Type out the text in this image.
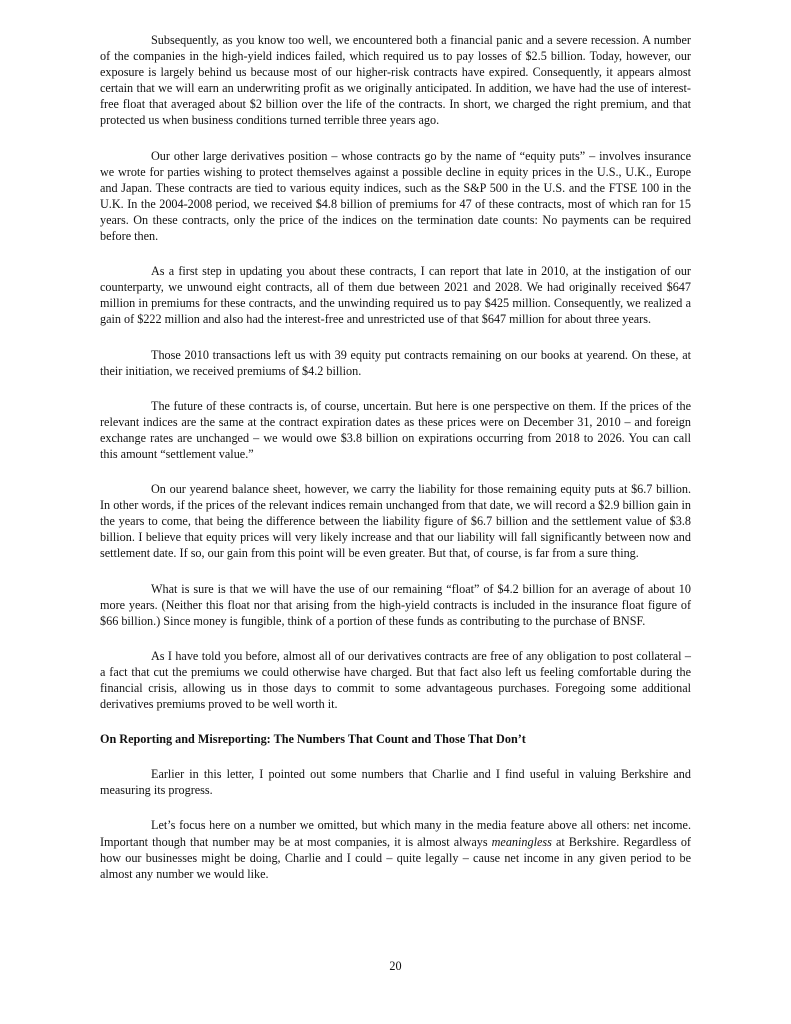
Subsequently, as you know too well, we encountered both a financial panic and a severe recession. A number of the companies in the high-yield indices failed, which required us to pay losses of $2.5 billion. Today, however, our exposure is largely behind us because most of our higher-risk contracts have expired. Consequently, it appears almost certain that we will earn an underwriting profit as we originally anticipated. In addition, we have had the use of interest-free float that averaged about $2 billion over the life of the contracts. In short, we charged the right premium, and that protected us when business conditions turned terrible three years ago.

Our other large derivatives position – whose contracts go by the name of “equity puts” – involves insurance we wrote for parties wishing to protect themselves against a possible decline in equity prices in the U.S., U.K., Europe and Japan. These contracts are tied to various equity indices, such as the S&P 500 in the U.S. and the FTSE 100 in the U.K. In the 2004-2008 period, we received $4.8 billion of premiums for 47 of these contracts, most of which ran for 15 years. On these contracts, only the price of the indices on the termination date counts: No payments can be required before then.

As a first step in updating you about these contracts, I can report that late in 2010, at the instigation of our counterparty, we unwound eight contracts, all of them due between 2021 and 2028. We had originally received $647 million in premiums for these contracts, and the unwinding required us to pay $425 million. Consequently, we realized a gain of $222 million and also had the interest-free and unrestricted use of that $647 million for about three years.

Those 2010 transactions left us with 39 equity put contracts remaining on our books at yearend. On these, at their initiation, we received premiums of $4.2 billion.

The future of these contracts is, of course, uncertain. But here is one perspective on them. If the prices of the relevant indices are the same at the contract expiration dates as these prices were on December 31, 2010 – and foreign exchange rates are unchanged – we would owe $3.8 billion on expirations occurring from 2018 to 2026. You can call this amount “settlement value.”

On our yearend balance sheet, however, we carry the liability for those remaining equity puts at $6.7 billion. In other words, if the prices of the relevant indices remain unchanged from that date, we will record a $2.9 billion gain in the years to come, that being the difference between the liability figure of $6.7 billion and the settlement value of $3.8 billion. I believe that equity prices will very likely increase and that our liability will fall significantly between now and settlement date. If so, our gain from this point will be even greater. But that, of course, is far from a sure thing.

What is sure is that we will have the use of our remaining “float” of $4.2 billion for an average of about 10 more years. (Neither this float nor that arising from the high-yield contracts is included in the insurance float figure of $66 billion.) Since money is fungible, think of a portion of these funds as contributing to the purchase of BNSF.

As I have told you before, almost all of our derivatives contracts are free of any obligation to post collateral – a fact that cut the premiums we could otherwise have charged. But that fact also left us feeling comfortable during the financial crisis, allowing us in those days to commit to some advantageous purchases. Foregoing some additional derivatives premiums proved to be well worth it.

On Reporting and Misreporting: The Numbers That Count and Those That Don’t

Earlier in this letter, I pointed out some numbers that Charlie and I find useful in valuing Berkshire and measuring its progress.

Let’s focus here on a number we omitted, but which many in the media feature above all others: net income. Important though that number may be at most companies, it is almost always meaningless at Berkshire. Regardless of how our businesses might be doing, Charlie and I could – quite legally – cause net income in any given period to be almost any number we would like.

20
